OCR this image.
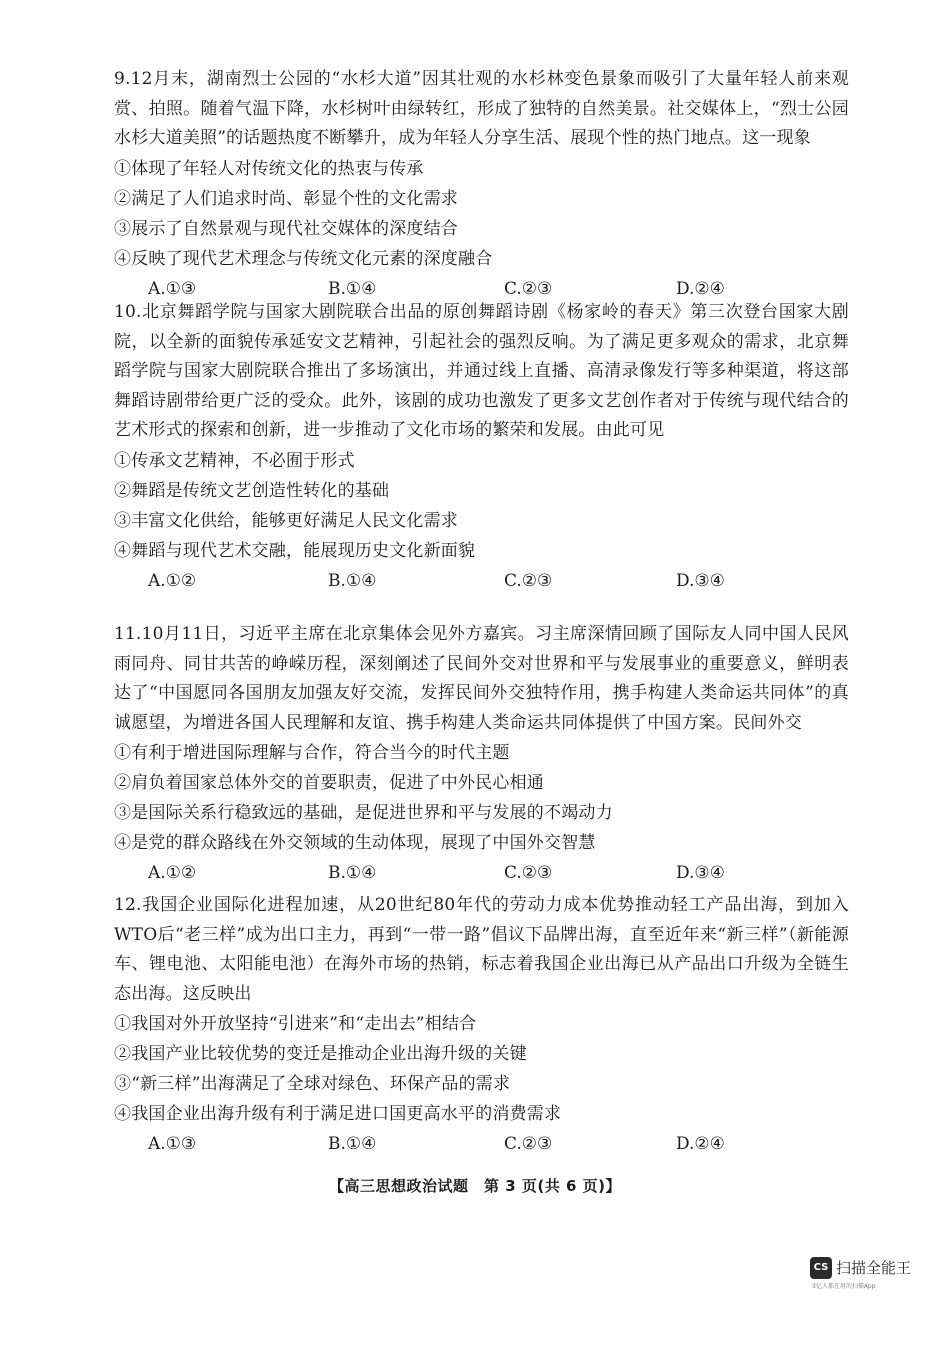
9.12月末，湖南烈士公园的“水杉大道”因其壮观的水杉林变色景象而吸引了大量年轻人前来观赏、拍照。随着气温下降，水杉树叶由绿转红，形成了独特的自然美景。社交媒体上，“烈士公园水杉大道美照”的话题热度不断攀升，成为年轻人分享生活、展现个性的热门地点。这一现象

①体现了年轻人对传统文化的热衷与传承

②满足了人们追求时尚、彰显个性的文化需求

③展示了自然景观与现代社交媒体的深度结合

④反映了现代艺术理念与传统文化元素的深度融合

A.①③	B.①④	C.②③	D.②④

10.北京舞蹈学院与国家大剧院联合出品的原创舞蹈诗剧《杨家岭的春天》第三次登台国家大剧院，以全新的面貌传承延安文艺精神，引起社会的强烈反响。为了满足更多观众的需求，北京舞蹈学院与国家大剧院联合推出了多场演出，并通过线上直播、高清录像发行等多种渠道，将这部舞蹈诗剧带给更广泛的受众。此外，该剧的成功也激发了更多文艺创作者对于传统与现代结合的艺术形式的探索和创新，进一步推动了文化市场的繁荣和发展。由此可见

①传承文艺精神，不必囿于形式

②舞蹈是传统文艺创造性转化的基础

③丰富文化供给，能够更好满足人民文化需求

④舞蹈与现代艺术交融，能展现历史文化新面貌

A.①②	B.①④	C.②③	D.③④

11.10月11日，习近平主席在北京集体会见外方嘉宾。习主席深情回顾了国际友人同中国人民风雨同舟、同甘共苦的峥嵘历程，深刻阐述了民间外交对世界和平与发展事业的重要意义，鲜明表达了“中国愿同各国朋友加强友好交流，发挥民间外交独特作用，携手构建人类命运共同体”的真诚愿望，为增进各国人民理解和友谊、携手构建人类命运共同体提供了中国方案。民间外交

①有利于增进国际理解与合作，符合当今的时代主题

②肩负着国家总体外交的首要职责，促进了中外民心相通

③是国际关系行稳致远的基础，是促进世界和平与发展的不竭动力

④是党的群众路线在外交领域的生动体现，展现了中国外交智慧

A.①②	B.①④	C.②③	D.③④

12.我国企业国际化进程加速，从20世纪80年代的劳动力成本优势推动轻工产品出海，到加入WTO后“老三样”成为出口主力，再到“一带一路”倡议下品牌出海，直至近年来“新三样”（新能源车、锂电池、太阳能电池）在海外市场的热销，标志着我国企业出海已从产品出口升级为全链生态出海。这反映出

①我国对外开放坚持“引进来”和“走出去”相结合

②我国产业比较优势的变迁是推动企业出海升级的关键

③“新三样”出海满足了全球对绿色、环保产品的需求

④我国企业出海升级有利于满足进口国更高水平的消费需求

A.①③	B.①④	C.②③	D.②④
【高三思想政治试题　第 3 页(共 6 页)】
CS 扫描全能王
3亿人都在用的扫描App
